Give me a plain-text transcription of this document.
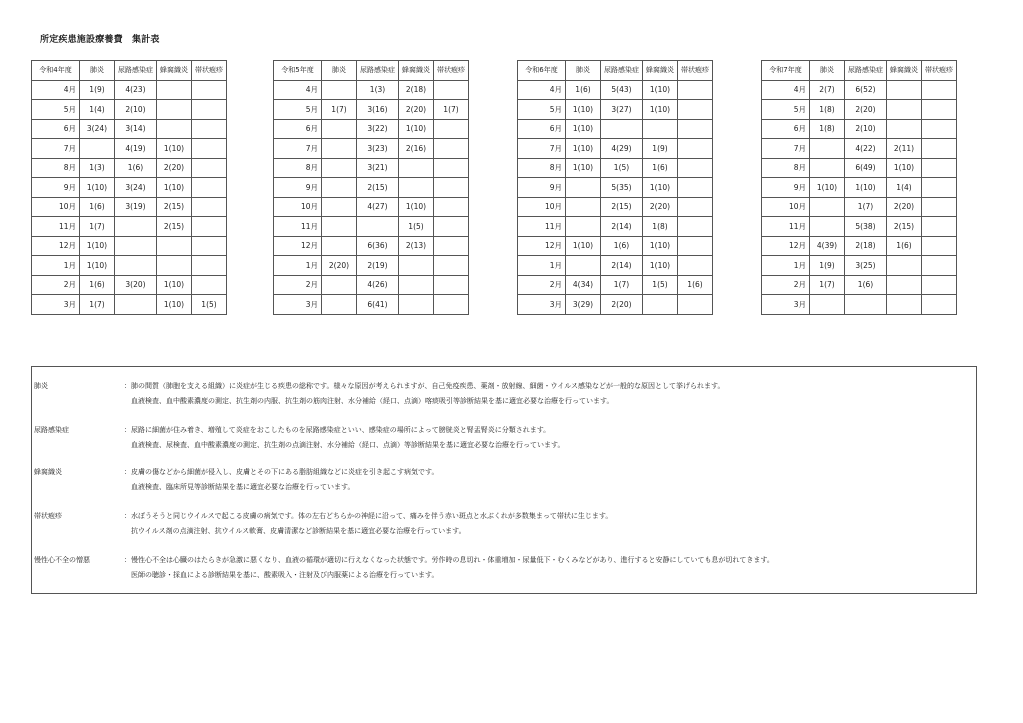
所定疾患施設療養費　集計表
令和4年度	肺炎	尿路感染症	蜂窩織炎	帯状疱疹
4月	1(9)	4(23)		
5月	1(4)	2(10)		
6月	3(24)	3(14)		
7月		4(19)	1(10)	
8月	1(3)	1(6)	2(20)	
9月	1(10)	3(24)	1(10)	
10月	1(6)	3(19)	2(15)	
11月	1(7)		2(15)	
12月	1(10)			
1月	1(10)			
2月	1(6)	3(20)	1(10)	
3月	1(7)		1(10)	1(5)
令和5年度	肺炎	尿路感染症	蜂窩織炎	帯状疱疹
4月		1(3)	2(18)	
5月	1(7)	3(16)	2(20)	1(7)
6月		3(22)	1(10)	
7月		3(23)	2(16)	
8月		3(21)		
9月		2(15)		
10月		4(27)	1(10)	
11月			1(5)	
12月		6(36)	2(13)	
1月	2(20)	2(19)		
2月		4(26)		
3月		6(41)		
令和6年度	肺炎	尿路感染症	蜂窩織炎	帯状疱疹
4月	1(6)	5(43)	1(10)	
5月	1(10)	3(27)	1(10)	
6月	1(10)			
7月	1(10)	4(29)	1(9)	
8月	1(10)	1(5)	1(6)	
9月		5(35)	1(10)	
10月		2(15)	2(20)	
11月		2(14)	1(8)	
12月	1(10)	1(6)	1(10)	
1月		2(14)	1(10)	
2月	4(34)	1(7)	1(5)	1(6)
3月	3(29)	2(20)		
令和7年度	肺炎	尿路感染症	蜂窩織炎	帯状疱疹
4月	2(7)	6(52)		
5月	1(8)	2(20)		
6月	1(8)	2(10)		
7月		4(22)	2(11)	
8月		6(49)	1(10)	
9月	1(10)	1(10)	1(4)	
10月		1(7)	2(20)	
11月		5(38)	2(15)	
12月	4(39)	2(18)	1(6)	
1月	1(9)	3(25)		
2月	1(7)	1(6)		
3月				
肺炎	：肺の間質（肺胞を支える組織）に炎症が生じる疾患の総称です。様々な原因が考えられますが、自己免疫疾患、薬剤・放射線、細菌・ウイルス感染などが一般的な原因として挙げられます。
血液検査、血中酸素濃度の測定、抗生剤の内服、抗生剤の筋肉注射、水分補給（経口、点滴）喀痰吸引等診断結果を基に適宜必要な治療を行っています。
尿路感染症	：尿路に細菌が住み着き、増殖して炎症をおこしたものを尿路感染症といい、感染症の場所によって膀胱炎と腎盂腎炎に分類されます。
血液検査、尿検査、血中酸素濃度の測定、抗生剤の点滴注射、水分補給（経口、点滴）等診断結果を基に適宜必要な治療を行っています。
蜂窩織炎	：皮膚の傷などから細菌が侵入し、皮膚とその下にある脂肪組織などに炎症を引き起こす病気です。
血液検査、臨床所見等診断結果を基に適宜必要な治療を行っています。
帯状疱疹	：水ぼうそうと同じウイルスで起こる皮膚の病気です。体の左右どちらかの神経に沿って、痛みを伴う赤い斑点と水ぶくれが多数集まって帯状に生じます。
抗ウイルス剤の点滴注射、抗ウイルス軟膏、皮膚清潔など診断結果を基に適宜必要な治療を行っています。
慢性心不全の憎悪	：慢性心不全は心臓のはたらきが急激に悪くなり、血液の循環が適切に行えなくなった状態です。労作時の息切れ・体重増加・尿量低下・むくみなどがあり、進行すると安静にしていても息が切れてきます。
医師の聴診・採血による診断結果を基に、酸素吸入・注射及び内服薬による治療を行っています。
